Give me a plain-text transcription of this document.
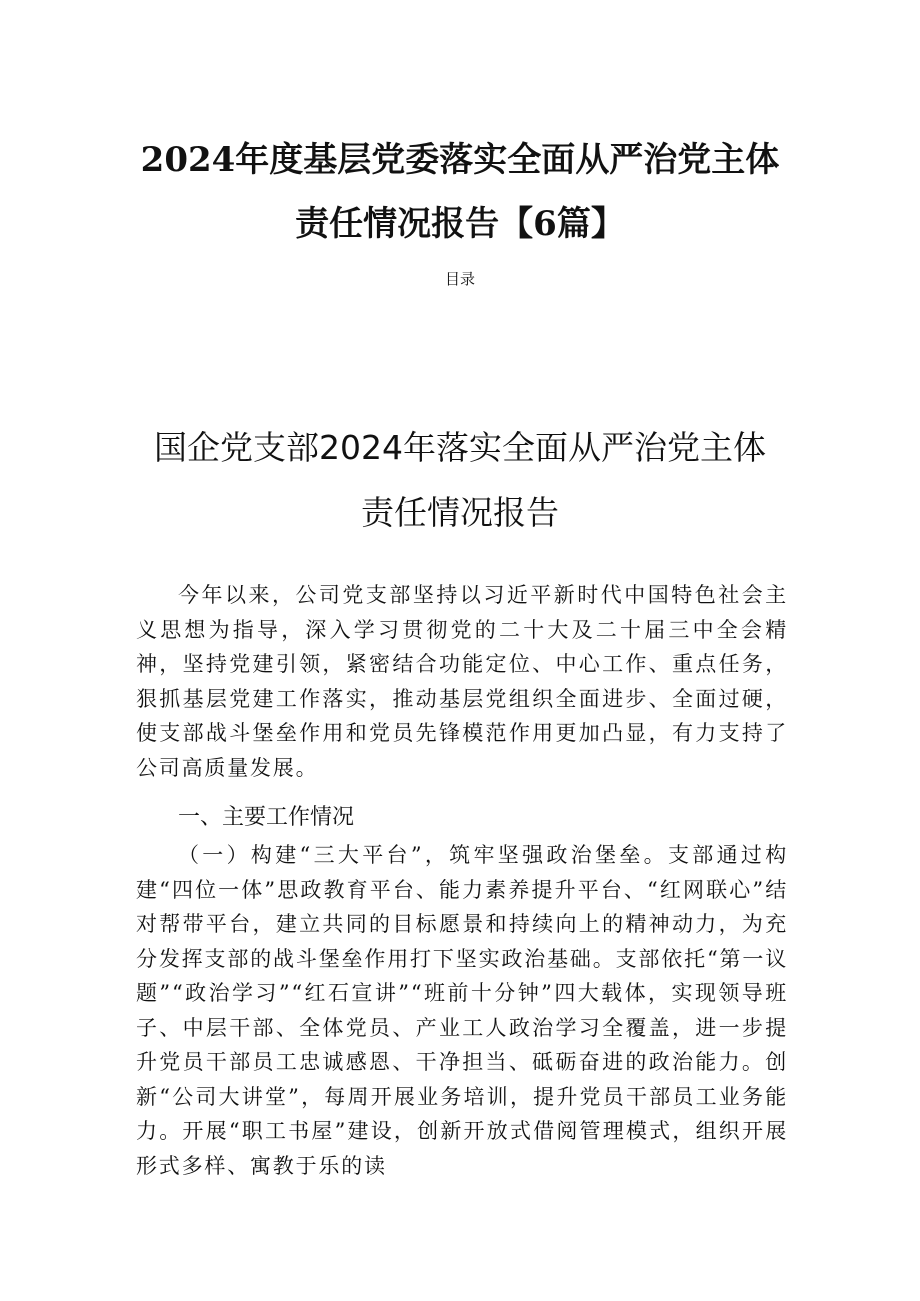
2024年度基层党委落实全面从严治党主体
责任情况报告【6篇】
目录
国企党支部2024年落实全面从严治党主体
责任情况报告
今年以来，公司党支部坚持以习近平新时代中国特色社会主义思想为指导，深入学习贯彻党的二十大及二十届三中全会精神，坚持党建引领，紧密结合功能定位、中心工作、重点任务，狠抓基层党建工作落实，推动基层党组织全面进步、全面过硬，使支部战斗堡垒作用和党员先锋模范作用更加凸显，有力支持了公司高质量发展。
一、主要工作情况
（一）构建“三大平台”，筑牢坚强政治堡垒。支部通过构建“四位一体”思政教育平台、能力素养提升平台、“红网联心”结对帮带平台，建立共同的目标愿景和持续向上的精神动力，为充分发挥支部的战斗堡垒作用打下坚实政治基础。支部依托“第一议题”“政治学习”“红石宣讲”“班前十分钟”四大载体，实现领导班子、中层干部、全体党员、产业工人政治学习全覆盖，进一步提升党员干部员工忠诚感恩、干净担当、砥砺奋进的政治能力。创新“公司大讲堂”，每周开展业务培训，提升党员干部员工业务能力。开展“职工书屋”建设，创新开放式借阅管理模式，组织开展形式多样、寓教于乐的读
